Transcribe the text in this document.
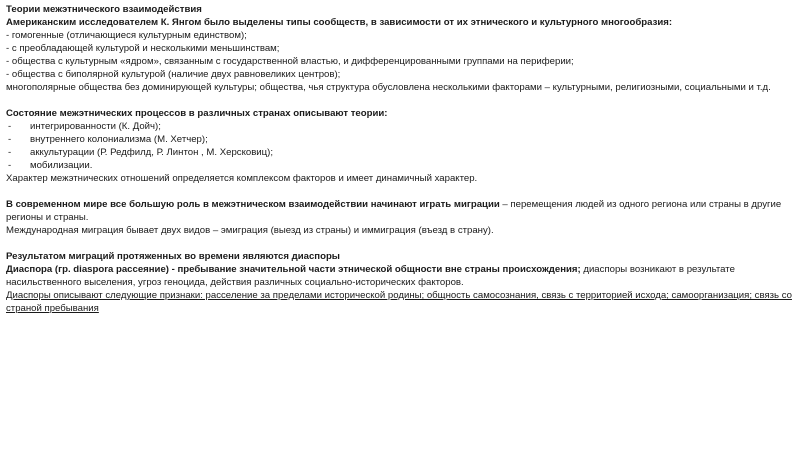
Теории межэтнического взаимодействия
Американским исследователем К. Янгом было выделены типы сообществ, в зависимости от их этнического и культурного многообразия:
- гомогенные (отличающиеся культурным единством);
- с преобладающей культурой и несколькими меньшинствам;
- общества с культурным «ядром», связанным с государственной властью, и дифференцированными группами на периферии;
- общества с биполярной культурой (наличие двух равновеликих центров);
многополярные общества без доминирующей культуры; общества, чья структура обусловлена несколькими факторами – культурными, религиозными, социальными и т.д.
Состояние межэтнических процессов в различных странах описывают теории:
- интегрированности (К. Дойч);
- внутреннего колониализма (М. Хетчер);
- аккультурации (Р. Редфилд, Р. Линтон , М. Херсковиц);
- мобилизации.
Характер межэтнических отношений определяется комплексом факторов и имеет динамичный характер.
В современном мире все большую роль в межэтническом взаимодействии начинают играть миграции – перемещения людей из одного региона или страны в другие регионы и страны.
Международная миграция бывает двух видов – эмиграция (выезд из страны) и иммиграция (въезд в страну).
Результатом миграций протяженных во времени являются диаспоры
Диаспора (гр. diaspora рассеяние) - пребывание значительной части этнической общности вне страны происхождения; диаспоры возникают в результате насильственного выселения, угроз геноцида, действия различных социально-исторических факторов.
Диаспоры описывают следующие признаки: расселение за пределами исторической родины; общность самосознания, связь с территорией исхода; самоорганизация; связь со страной пребывания
